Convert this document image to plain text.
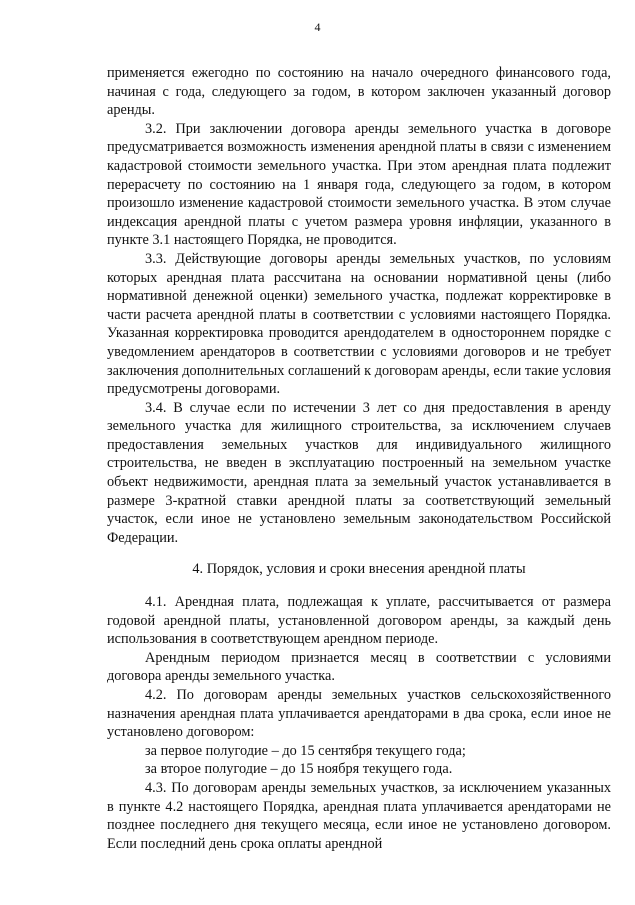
4

применяется ежегодно по состоянию на начало очередного финансового года, начиная с года, следующего за годом, в котором заключен указанный договор аренды.

3.2. При заключении договора аренды земельного участка в договоре предусматривается возможность изменения арендной платы в связи с изменением кадастровой стоимости земельного участка. При этом арендная плата подлежит перерасчету по состоянию на 1 января года, следующего за годом, в котором произошло изменение кадастровой стоимости земельного участка. В этом случае индексация арендной платы с учетом размера уровня инфляции, указанного в пункте 3.1 настоящего Порядка, не проводится.

3.3. Действующие договоры аренды земельных участков, по условиям которых арендная плата рассчитана на основании нормативной цены (либо нормативной денежной оценки) земельного участка, подлежат корректировке в части расчета арендной платы в соответствии с условиями настоящего Порядка. Указанная корректировка проводится арендодателем в одностороннем порядке с уведомлением арендаторов в соответствии с условиями договоров и не требует заключения дополнительных соглашений к договорам аренды, если такие условия предусмотрены договорами.

3.4. В случае если по истечении 3 лет со дня предоставления в аренду земельного участка для жилищного строительства, за исключением случаев предоставления земельных участков для индивидуального жилищного строительства, не введен в эксплуатацию построенный на земельном участке объект недвижимости, арендная плата за земельный участок устанавливается в размере 3-кратной ставки арендной платы за соответствующий земельный участок, если иное не установлено земельным законодательством Российской Федерации.

4. Порядок, условия и сроки внесения арендной платы

4.1. Арендная плата, подлежащая к уплате, рассчитывается от размера годовой арендной платы, установленной договором аренды, за каждый день использования в соответствующем арендном периоде.

Арендным периодом признается месяц в соответствии с условиями договора аренды земельного участка.

4.2. По договорам аренды земельных участков сельскохозяйственного назначения арендная плата уплачивается арендаторами в два срока, если иное не установлено договором:

за первое полугодие – до 15 сентября текущего года;

за второе полугодие – до 15 ноября текущего года.

4.3. По договорам аренды земельных участков, за исключением указанных в пункте 4.2 настоящего Порядка, арендная плата уплачивается арендаторами не позднее последнего дня текущего месяца, если иное не установлено договором. Если последний день срока оплаты арендной
